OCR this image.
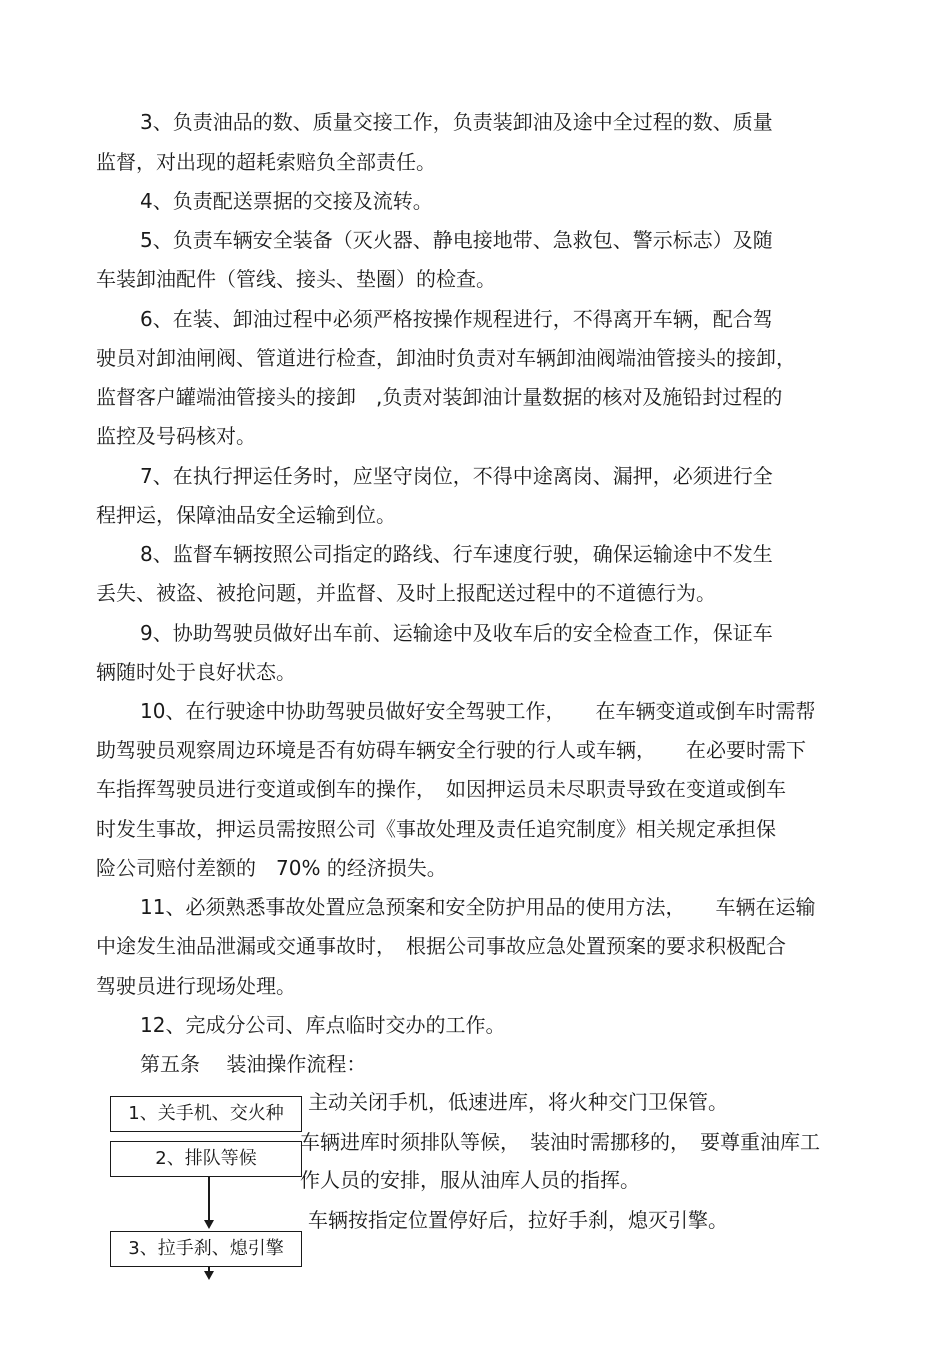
3、负责油品的数、质量交接工作，负责装卸油及途中全过程的数、质量

监督，对出现的超耗索赔负全部责任。

4、负责配送票据的交接及流转。

5、负责车辆安全装备（灭火器、静电接地带、急救包、警示标志）及随

车装卸油配件（管线、接头、垫圈）的检查。

6、在装、卸油过程中必须严格按操作规程进行，不得离开车辆，配合驾

驶员对卸油闸阀、管道进行检查，卸油时负责对车辆卸油阀端油管接头的接卸，

监督客户罐端油管接头的接卸　,负责对装卸油计量数据的核对及施铅封过程的

监控及号码核对。

7、在执行押运任务时，应坚守岗位，不得中途离岗、漏押，必须进行全

程押运，保障油品安全运输到位。

8、监督车辆按照公司指定的路线、行车速度行驶，确保运输途中不发生

丢失、被盗、被抢问题，并监督、及时上报配送过程中的不道德行为。

9、协助驾驶员做好出车前、运输途中及收车后的安全检查工作，保证车

辆随时处于良好状态。

10、在行驶途中协助驾驶员做好安全驾驶工作，　　在车辆变道或倒车时需帮

助驾驶员观察周边环境是否有妨碍车辆安全行驶的行人或车辆，　　在必要时需下

车指挥驾驶员进行变道或倒车的操作，　如因押运员未尽职责导致在变道或倒车

时发生事故，押运员需按照公司《事故处理及责任追究制度》相关规定承担保

险公司赔付差额的　70% 的经济损失。

11、必须熟悉事故处置应急预案和安全防护用品的使用方法，　　车辆在运输

中途发生油品泄漏或交通事故时，　根据公司事故应急处置预案的要求积极配合

驾驶员进行现场处理。

12、完成分公司、库点临时交办的工作。

第五条　 装油操作流程：

1、关手机、交火种
2、排队等候
3、拉手刹、熄引擎

主动关闭手机，低速进库，将火种交门卫保管。

车辆进库时须排队等候，　装油时需挪移的，　要尊重油库工

作人员的安排，服从油库人员的指挥。

车辆按指定位置停好后，拉好手刹，熄灭引擎。
